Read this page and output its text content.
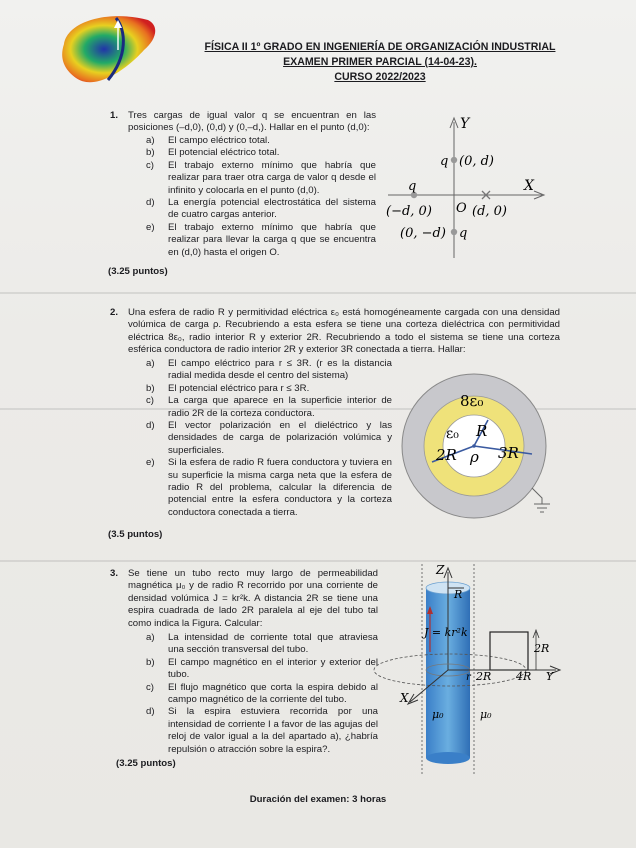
FÍSICA II 1º GRADO EN INGENIERÍA DE ORGANIZACIÓN INDUSTRIAL
EXAMEN PRIMER PARCIAL (14-04-23).
CURSO 2022/2023
1. Tres cargas de igual valor q se encuentran en las posiciones (–d,0), (0,d) y (0,–d,). Hallar en el punto (d,0):
a) El campo eléctrico total.
b) El potencial eléctrico total.
c) El trabajo externo mínimo que habría que realizar para traer otra carga de valor q desde el infinito y colocarla en el punto (d,0).
d) La energía potencial electrostática del sistema de cuatro cargas anterior.
e) El trabajo externo mínimo que habría que realizar para llevar la carga q que se encuentra en (d,0) hasta el origen O.
(3.25 puntos)
Y
X
q (0, d)
q
(−d, 0) O (d, 0)
(0, −d) q
2. Una esfera de radio R y permitividad eléctrica ε₀ está homogéneamente cargada con una densidad volúmica de carga ρ. Recubriendo a esta esfera se tiene una corteza dieléctrica con permitividad eléctrica 8ε₀, radio interior R y exterior 2R. Recubriendo a todo el sistema se tiene una corteza esférica conductora de radio interior 2R y exterior 3R conectada a tierra. Hallar:
a) El campo eléctrico para r ≤ 3R. (r es la distancia radial medida desde el centro del sistema)
b) El potencial eléctrico para r ≤ 3R.
c) La carga que aparece en la superficie interior de radio 2R de la corteza conductora.
d) El vector polarización en el dieléctrico y las densidades de carga de polarización volúmica y superficiales.
e) Si la esfera de radio R fuera conductora y tuviera en su superficie la misma carga neta que la esfera de radio R del problema, calcular la diferencia de potencial entre la esfera conductora y la corteza conductora conectada a tierra.
(3.5 puntos)
8ε₀
ε₀ R
2R ρ 3R
3. Se tiene un tubo recto muy largo de permeabilidad magnética μ₀ y de radio R recorrido por una corriente de densidad volúmica J = kr²k. A distancia 2R se tiene una espira cuadrada de lado 2R paralela al eje del tubo tal como indica la Figura. Calcular:
a) La intensidad de corriente total que atraviesa una sección transversal del tubo.
b) El campo magnético en el interior y exterior del tubo.
c) El flujo magnético que corta la espira debido al campo magnético de la corriente del tubo.
d) Si la espira estuviera recorrida por una intensidad de corriente I a favor de las agujas del reloj de valor igual a la del apartado a), ¿habría repulsión o atracción sobre la espira?.
(3.25 puntos)
Z
R
J = kr²k
2R
Y
r 2R 4R
X
μ₀	μ₀
Duración del examen: 3 horas
